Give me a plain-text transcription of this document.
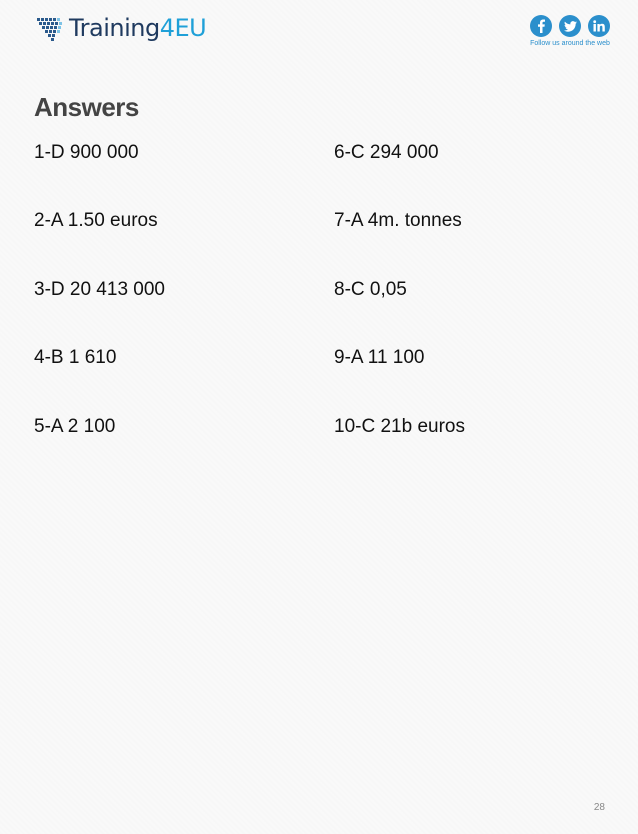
Training4EU
Follow us around the web
Answers
1-D 900 000
2-A 1.50 euros
3-D 20 413 000
4-B 1 610
5-A 2 100
6-C 294 000
7-A 4m. tonnes
8-C 0,05
9-A 11 100
10-C 21b euros
28
